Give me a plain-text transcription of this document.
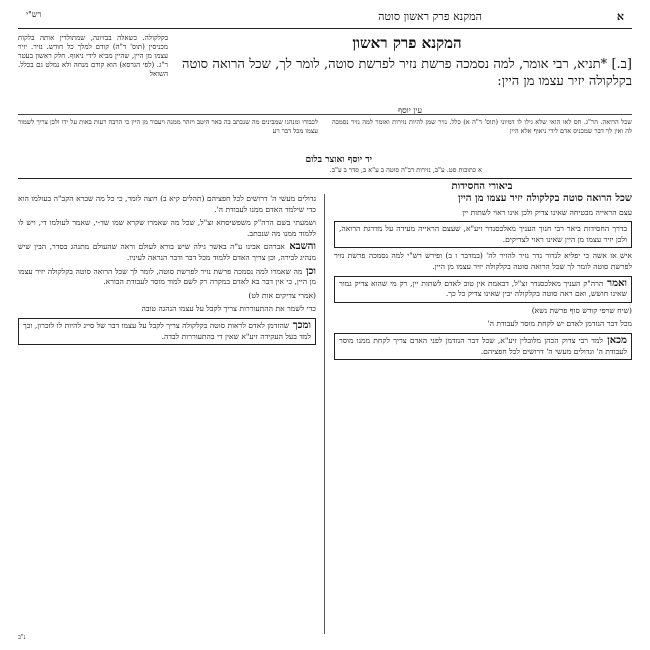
א
המקנא פרק ראשון סוטה
רש"י
בקלקולה. כשאלה בבזיונה, שמתולדין אותה בלקות מכניסין (תוס' ד"ה) קודם למלך כל חודש. נזיר. יזיר עצמו מן היין, שהיין מביא לידי ניאוף. חלק ראשון בעטר ר"ג. (לפי הגרסא) הוא קודם מנחה ולא נמלט גם בכלל. השואל
המקנא פרק ראשון
[ב.] *תניא, רבי אומר, למה נסמכה פרשת נזיר לפרשת סוטה, לומר לך, שכל הרואה סוטה בקלקולה יזיר עצמו מן היין:
עין יוסף
שכל הרואה. הר"ג. חס לאו הואי שלא גילו לו דמיוני (תוס' ד"ה א) כלל. נזיר שמן להיות נזירות ואומר למה נזיר נסמכה לה ואין לך דבר שמכניס אדם לידי ניאוף אלא היין
לכבודו ומנהגו שמבינים מה שנכתב בה באר היטב ויזהר ממנה ויעבור מן היין כי הרבה רעות באות על ידו ולכן צריך לשמור עצמו מכל דבר רע
יד יוסף ואוצר בלום
א כתובות סט. ע"ב, נזירות דכ"ה סוטה ב ע"א ב, סדר ב ע"ב.
ביאורי החסידות

שכל הרואה סוטה בקלקולה יזיר עצמו מן היין

עצם הראייה מבטיחה שאינו צדיק ולכן אינו ראוי לשתות יין

בדרך החסידות ביאר רבי חנוך העניך מאלכסנדר זיע"א, שעצם הראייה מעידה על מדרגת הרואה, ולכן יזיר עצמו מן היין שאינו ראוי לצדיקים.

איש או אשה כי יפליא לנדור נדר נזיר להזיר לה' (במדבר ו ב) ופירש רש"י למה נסמכה פרשת נזיר לפרשת סוטה לומר לך שכל הרואה סוטה בקלקולה יזיר עצמו מן היין.

ואמר הרה"ק העניך מאלכסנדר זצ"ל, דבאמת אין טוב לאדם לשתות יין, רק מי שהוא צדיק גמור שאינו חושש, ואם ראה סוטה בקלקולה יבין שאינו צדיק כל כך.

(שיח שרפי קודש סוף פרשת נשא)

מכל דבר הנזדמן לאדם יש לקחת מוסר לעבודת ה'

מכאן למד רבי צדוק הכהן מלובלין זיע"א, שכל דבר הנזדמן לפני האדם צריך לקחת ממנו מוסר לעבודת ה' וגדולים מעשי ה' דרושים לכל חפציהם.

גדולים מעשי ה' דרושים לכל חפציהם (תהלים קיא ב) רוצה לומר, כי כל מה שברא הקב"ה בעולמו הוא כדי שילמד האדם ממנו לעבודת ה'.

ושמעתי בשם הרה"ק משפשיסחא זצ"ל, שכל מה שאמרו שקרא שמו שד-י, שאמר לעולמו די, ויש לו ללמוד ממנו מה שנכתב.

והשבא אברהם אבינו ע"ה באשר גילה שיש בורא לעולם וראה שהעולם מתנהג בסדר, הבין שיש מנהיג לבירה, וכן צריך האדם ללמוד מכל דבר ודבר הנראה לעיניו.

וכן מה שאמרו למה נסמכה פרשת נזיר לפרשת סוטה, לומר לך שכל הרואה סוטה בקלקולה יזיר עצמו מן היין, כי אין דבר בא לאדם במקרה רק לשם למוד מוסר לעבודת הבורא.

(אמרי צדיקים אות לט)

כדי לשמר את ההתעוררות צריך לקבל על עצמו הנהגה טובה

ומכך שהזדמן לאדם לראות סוטה בקלקולה צריך לקבל על עצמו דבר של סייג להיות לו לזכרון, וכך למד בעל העקידה זיע"א שאין די בהתעוררות לבדה.

נ"ב
